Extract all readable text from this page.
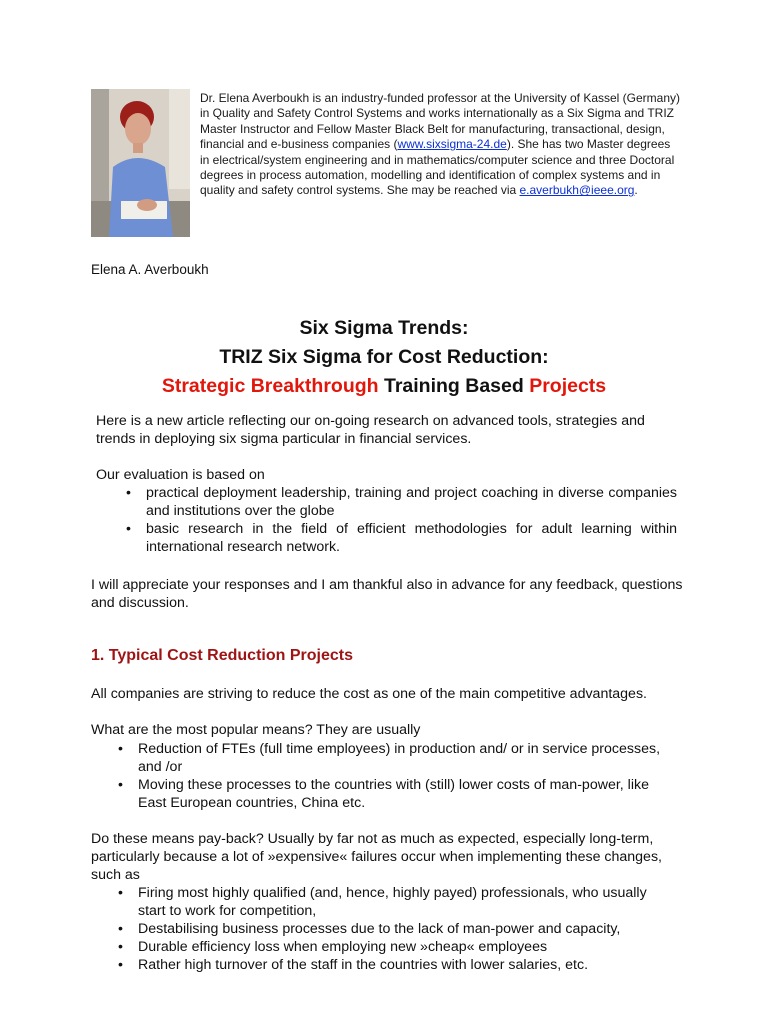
Dr. Elena Averboukh is an industry-funded professor at the University of Kassel (Germany) in Quality and Safety Control Systems and works internationally as a Six Sigma and TRIZ Master Instructor and Fellow Master Black Belt for manufacturing, transactional, design, financial and e-business companies (www.sixsigma-24.de). She has two Master degrees in electrical/system engineering and in mathematics/computer science and three Doctoral degrees in process automation, modelling and identification of complex systems and in quality and safety control systems. She may be reached via e.averbukh@ieee.org.
Elena A. Averboukh
Six Sigma Trends:
TRIZ Six Sigma for Cost Reduction:
Strategic Breakthrough Training Based Projects
Here is a new article reflecting our on-going research on advanced tools, strategies and trends in deploying six sigma particular in financial services.
Our evaluation is based on
• practical deployment leadership, training and project coaching in diverse companies and institutions over the globe
• basic research in the field of efficient methodologies for adult learning within international research network.
I will appreciate your responses and I am thankful also in advance for any feedback, questions and discussion.
1. Typical Cost Reduction Projects
All companies are striving to reduce the cost as one of the main competitive advantages.
What are the most popular means? They are usually
• Reduction of FTEs (full time employees) in production and/ or in service processes, and /or
• Moving these processes to the countries with (still) lower costs of man-power, like East European countries, China etc.
Do these means pay-back? Usually by far not as much as expected, especially long-term, particularly because a lot of »expensive« failures occur when implementing these changes, such as
• Firing most highly qualified (and, hence, highly payed) professionals, who usually start to work for competition,
• Destabilising business processes due to the lack of man-power and capacity,
• Durable efficiency loss when employing new »cheap« employees
• Rather high turnover of the staff in the countries with lower salaries, etc.
